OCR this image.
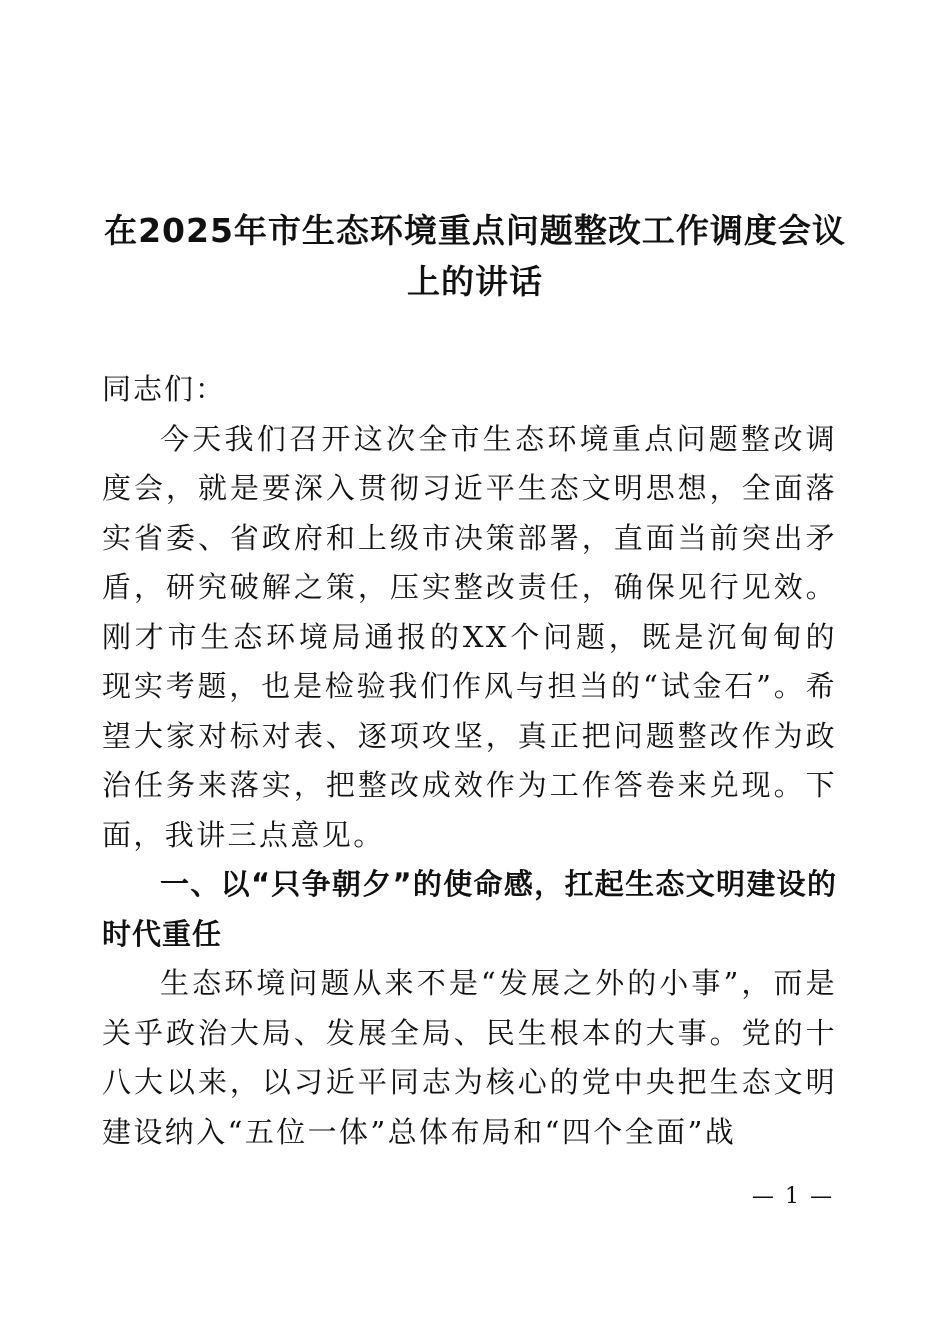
在2025年市生态环境重点问题整改工作调度会议上的讲话

同志们：

今天我们召开这次全市生态环境重点问题整改调度会，就是要深入贯彻习近平生态文明思想，全面落实省委、省政府和上级市决策部署，直面当前突出矛盾，研究破解之策，压实整改责任，确保见行见效。刚才市生态环境局通报的XX个问题，既是沉甸甸的现实考题，也是检验我们作风与担当的“试金石”。希望大家对标对表、逐项攻坚，真正把问题整改作为政治任务来落实，把整改成效作为工作答卷来兑现。下面，我讲三点意见。

一、以“只争朝夕”的使命感，扛起生态文明建设的时代重任

生态环境问题从来不是“发展之外的小事”，而是关乎政治大局、发展全局、民生根本的大事。党的十八大以来，以习近平同志为核心的党中央把生态文明建设纳入“五位一体”总体布局和“四个全面”战

— 1 —
